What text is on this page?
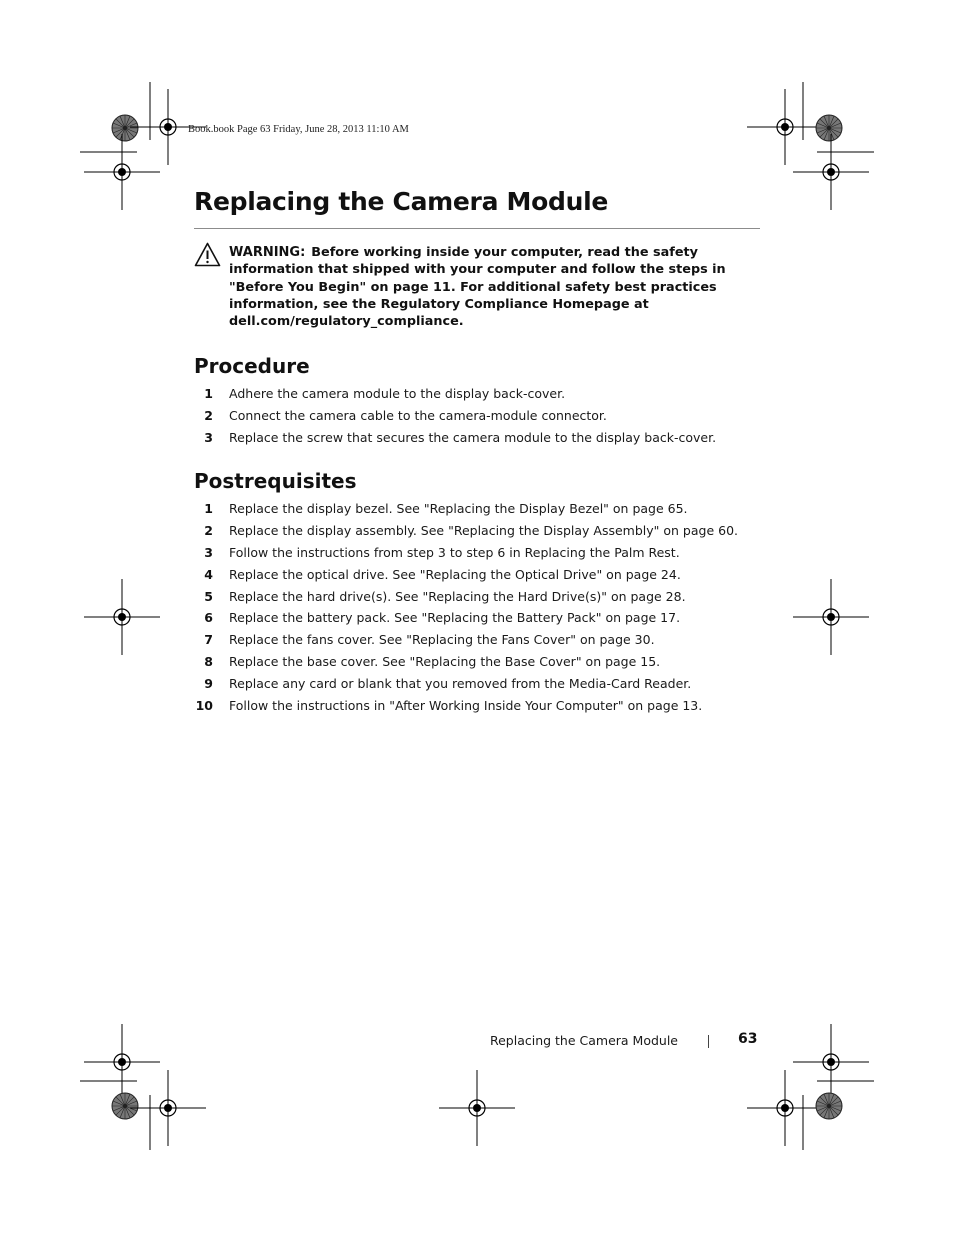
Book.book Page 63 Friday, June 28, 2013 11:10 AM
Replacing the Camera Module
WARNING: Before working inside your computer, read the safety information that shipped with your computer and follow the steps in "Before You Begin" on page 11. For additional safety best practices information, see the Regulatory Compliance Homepage at dell.com/regulatory_compliance.
Procedure
1 Adhere the camera module to the display back-cover.
2 Connect the camera cable to the camera-module connector.
3 Replace the screw that secures the camera module to the display back-cover.
Postrequisites
1 Replace the display bezel. See "Replacing the Display Bezel" on page 65.
2 Replace the display assembly. See "Replacing the Display Assembly" on page 60.
3 Follow the instructions from step 3 to step 6 in Replacing the Palm Rest.
4 Replace the optical drive. See "Replacing the Optical Drive" on page 24.
5 Replace the hard drive(s). See "Replacing the Hard Drive(s)" on page 28.
6 Replace the battery pack. See "Replacing the Battery Pack" on page 17.
7 Replace the fans cover. See "Replacing the Fans Cover" on page 30.
8 Replace the base cover. See "Replacing the Base Cover" on page 15.
9 Replace any card or blank that you removed from the Media-Card Reader.
10 Follow the instructions in "After Working Inside Your Computer" on page 13.
Replacing the Camera Module	63
